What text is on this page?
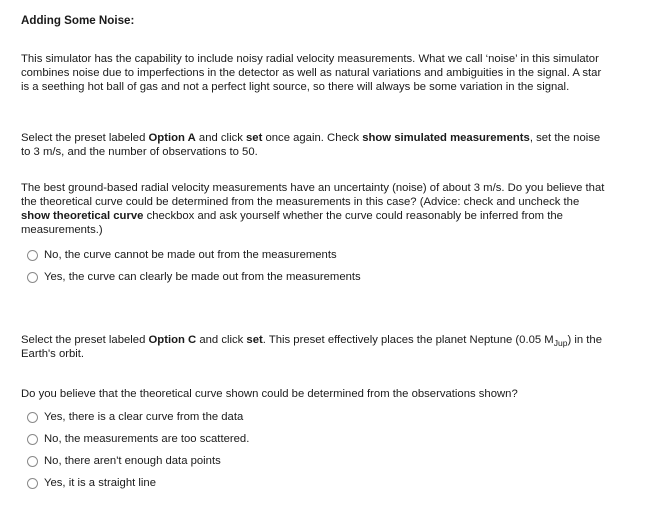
Adding Some Noise:
This simulator has the capability to include noisy radial velocity measurements. What we call ‘noise’ in this simulator combines noise due to imperfections in the detector as well as natural variations and ambiguities in the signal. A star is a seething hot ball of gas and not a perfect light source, so there will always be some variation in the signal.
Select the preset labeled Option A and click set once again. Check show simulated measurements, set the noise to 3 m/s, and the number of observations to 50.
The best ground-based radial velocity measurements have an uncertainty (noise) of about 3 m/s. Do you believe that the theoretical curve could be determined from the measurements in this case? (Advice: check and uncheck the show theoretical curve checkbox and ask yourself whether the curve could reasonably be inferred from the measurements.)
No, the curve cannot be made out from the measurements
Yes, the curve can clearly be made out from the measurements
Select the preset labeled Option C and click set. This preset effectively places the planet Neptune (0.05 $M_{Jup}$) in the Earth's orbit.
Do you believe that the theoretical curve shown could be determined from the observations shown?
Yes, there is a clear curve from the data
No, the measurements are too scattered.
No, there aren't enough data points
Yes, it is a straight line
